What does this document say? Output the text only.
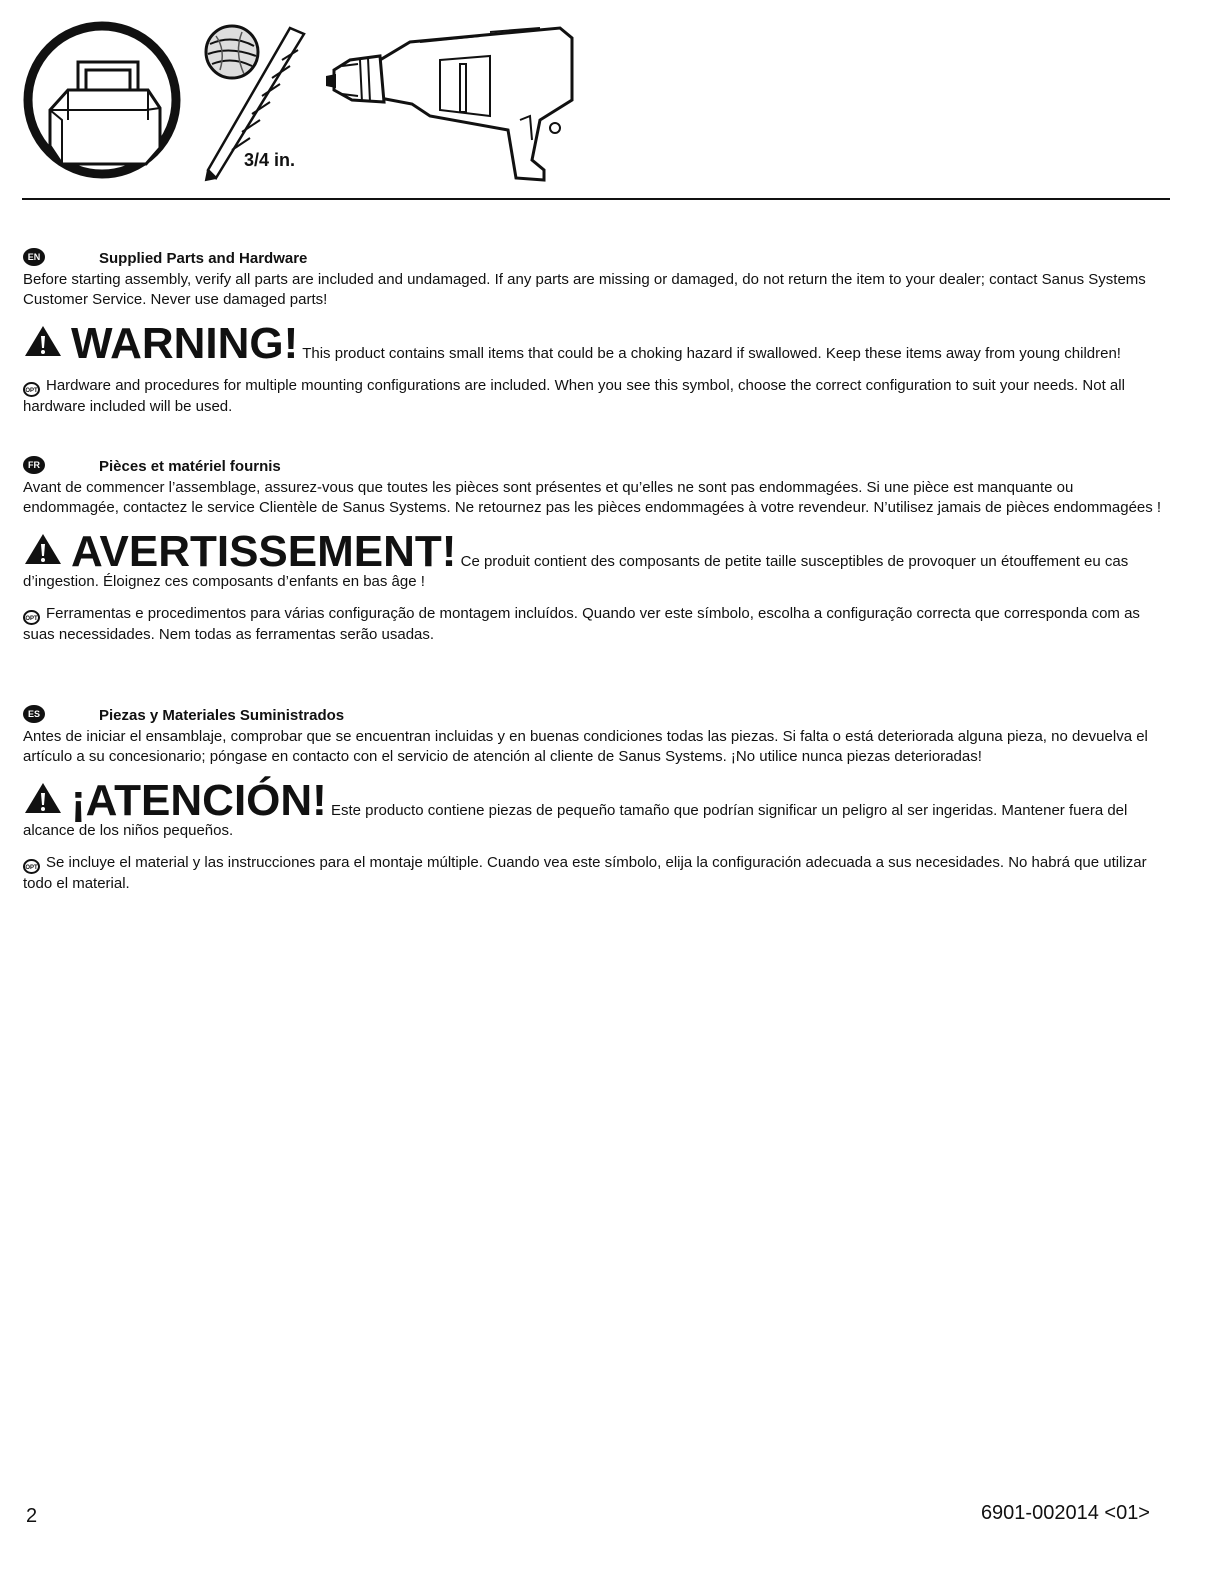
3/4 in.
EN	Supplied Parts and Hardware

Before starting assembly, verify all parts are included and undamaged. If any parts are missing or damaged, do not return the item to your dealer; contact Sanus Systems Customer Service. Never use damaged parts!

WARNING! This product contains small items that could be a choking hazard if swallowed. Keep these items away from young children!
OPT Hardware and procedures for multiple mounting configurations are included. When you see this symbol, choose the correct configuration to suit your needs. Not all hardware included will be used.
FR	Pièces et matériel fournis

Avant de commencer l’assemblage, assurez-vous que toutes les pièces sont présentes et qu’elles ne sont pas endommagées. Si une pièce est manquante ou endommagée, contactez le service Clientèle de Sanus Systems. Ne retournez pas les pièces endommagées à votre revendeur. N’utilisez jamais de pièces endommagées !

AVERTISSEMENT! Ce produit contient des composants de petite taille susceptibles de provoquer un étouffement eu cas d’ingestion. Éloignez ces composants d’enfants en bas âge !
OPT Ferramentas e procedimentos para várias configuração de montagem incluídos. Quando ver este símbolo, escolha a configuração correcta que corresponda com as suas necessidades. Nem todas as ferramentas serão usadas.
ES	Piezas y Materiales Suministrados

Antes de iniciar el ensamblaje, comprobar que se encuentran incluidas y en buenas condiciones todas las piezas. Si falta o está deteriorada alguna pieza, no devuelva el artículo a su concesionario; póngase en contacto con el servicio de atención al cliente de Sanus Systems. ¡No utilice nunca piezas deterioradas!

¡ATENCIÓN! Este producto contiene piezas de pequeño tamaño que podrían significar un peligro al ser ingeridas. Mantener fuera del alcance de los niños pequeños.
OPT Se incluye el material y las instrucciones para el montaje múltiple. Cuando vea este símbolo, elija la configuración adecuada a sus necesidades. No habrá que utilizar todo el material.
2	6901-002014 <01>
